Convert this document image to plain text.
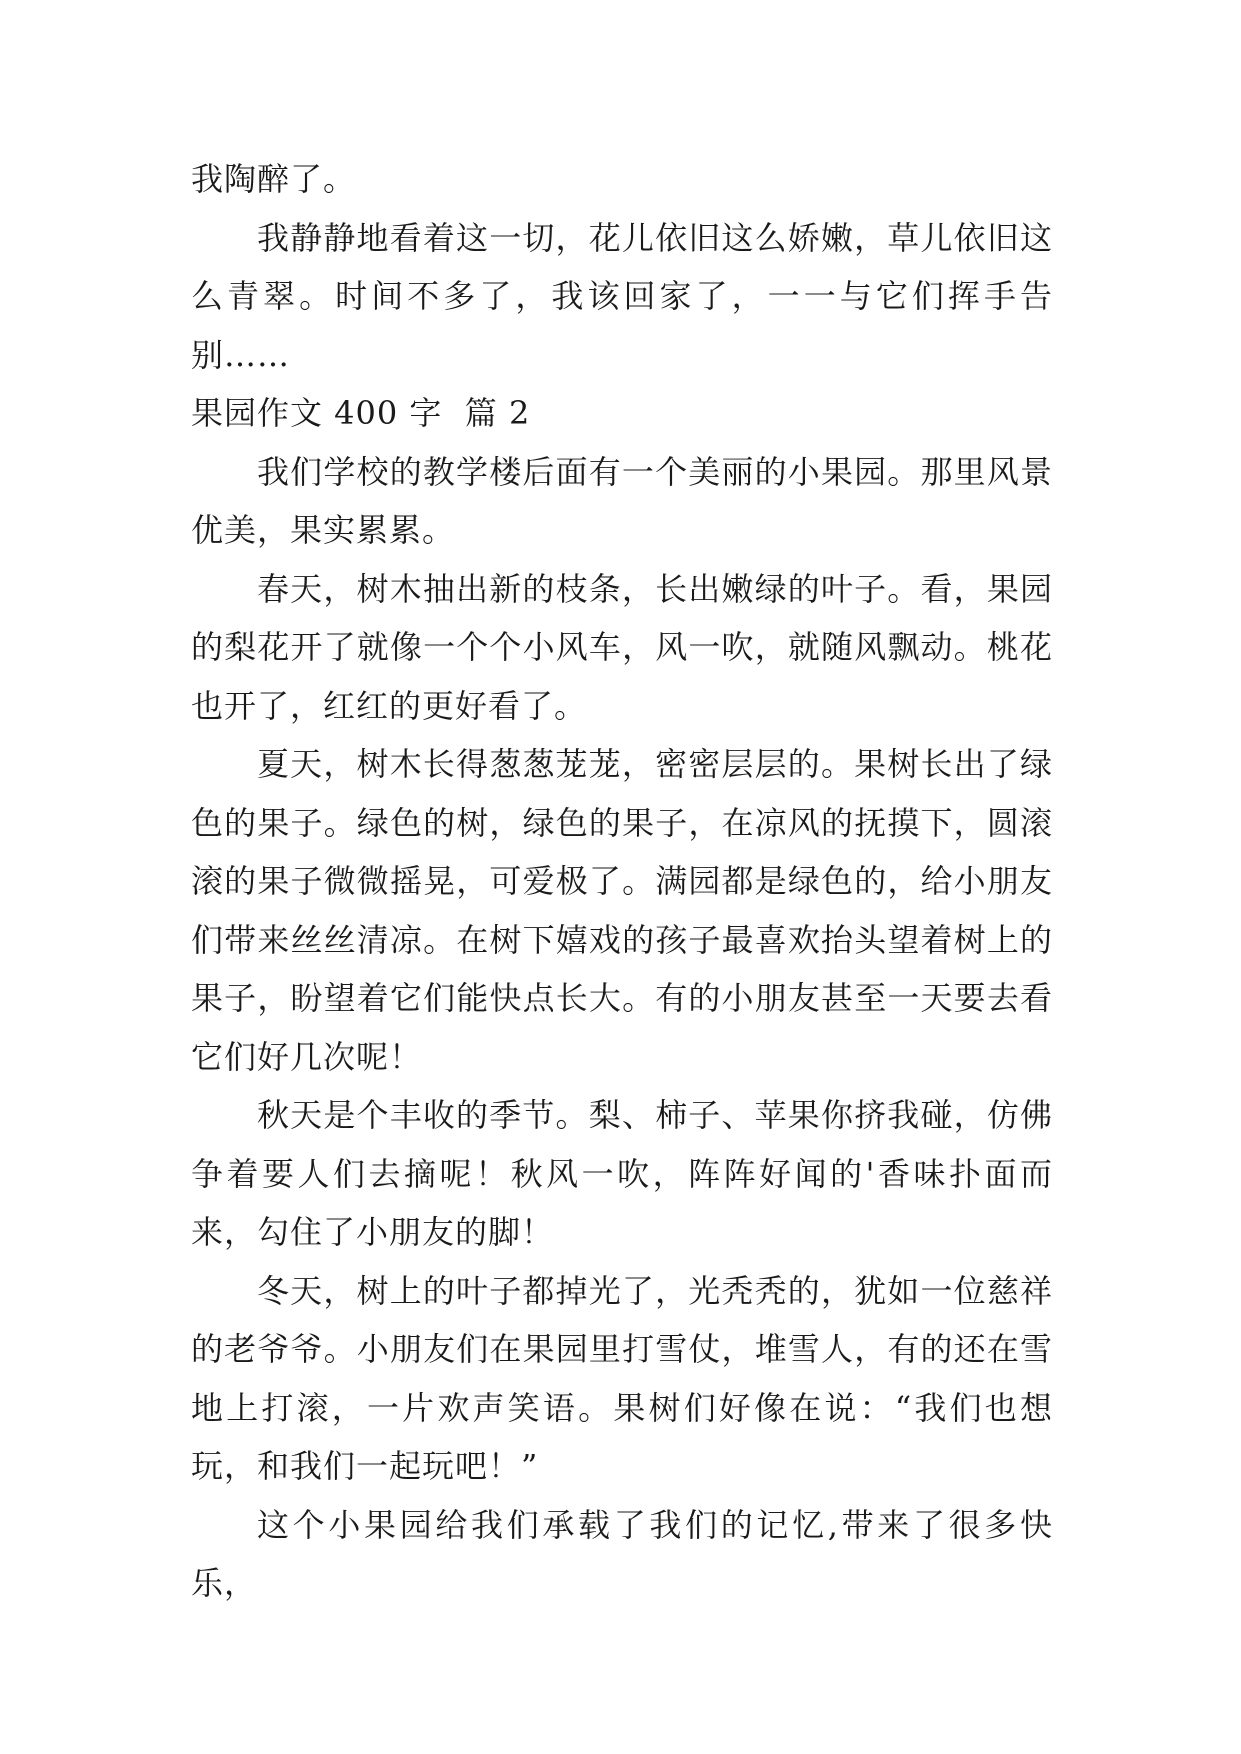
我陶醉了。

我静静地看着这一切，花儿依旧这么娇嫩，草儿依旧这么青翠。时间不多了，我该回家了，一一与它们挥手告别……

果园作文 400 字  篇 2

我们学校的教学楼后面有一个美丽的小果园。那里风景优美，果实累累。

春天，树木抽出新的枝条，长出嫩绿的叶子。看，果园的梨花开了就像一个个小风车，风一吹，就随风飘动。桃花也开了，红红的更好看了。

夏天，树木长得葱葱茏茏，密密层层的。果树长出了绿色的果子。绿色的树，绿色的果子，在凉风的抚摸下，圆滚滚的果子微微摇晃，可爱极了。满园都是绿色的，给小朋友们带来丝丝清凉。在树下嬉戏的孩子最喜欢抬头望着树上的果子，盼望着它们能快点长大。有的小朋友甚至一天要去看它们好几次呢！

秋天是个丰收的季节。梨、柿子、苹果你挤我碰，仿佛争着要人们去摘呢！秋风一吹，阵阵好闻的'香味扑面而来，勾住了小朋友的脚！

冬天，树上的叶子都掉光了，光秃秃的，犹如一位慈祥的老爷爷。小朋友们在果园里打雪仗，堆雪人，有的还在雪地上打滚，一片欢声笑语。果树们好像在说：“我们也想玩，和我们一起玩吧！”

这个小果园给我们承载了我们的记忆,带来了很多快乐，
